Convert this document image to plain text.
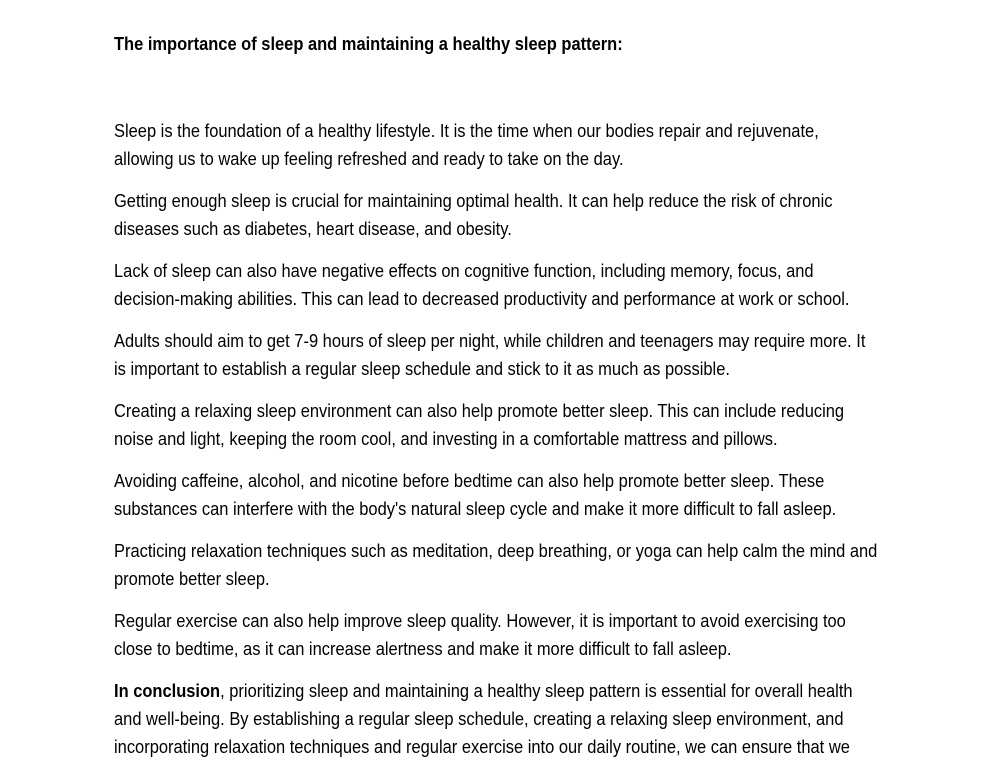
The importance of sleep and maintaining a healthy sleep pattern:

Sleep is the foundation of a healthy lifestyle. It is the time when our bodies repair and rejuvenate,
allowing us to wake up feeling refreshed and ready to take on the day.

Getting enough sleep is crucial for maintaining optimal health. It can help reduce the risk of chronic
diseases such as diabetes, heart disease, and obesity.

Lack of sleep can also have negative effects on cognitive function, including memory, focus, and
decision-making abilities. This can lead to decreased productivity and performance at work or school.

Adults should aim to get 7-9 hours of sleep per night, while children and teenagers may require more. It
is important to establish a regular sleep schedule and stick to it as much as possible.

Creating a relaxing sleep environment can also help promote better sleep. This can include reducing
noise and light, keeping the room cool, and investing in a comfortable mattress and pillows.

Avoiding caffeine, alcohol, and nicotine before bedtime can also help promote better sleep. These
substances can interfere with the body's natural sleep cycle and make it more difficult to fall asleep.

Practicing relaxation techniques such as meditation, deep breathing, or yoga can help calm the mind and
promote better sleep.

Regular exercise can also help improve sleep quality. However, it is important to avoid exercising too
close to bedtime, as it can increase alertness and make it more difficult to fall asleep.

In conclusion, prioritizing sleep and maintaining a healthy sleep pattern is essential for overall health
and well-being. By establishing a regular sleep schedule, creating a relaxing sleep environment, and
incorporating relaxation techniques and regular exercise into our daily routine, we can ensure that we
